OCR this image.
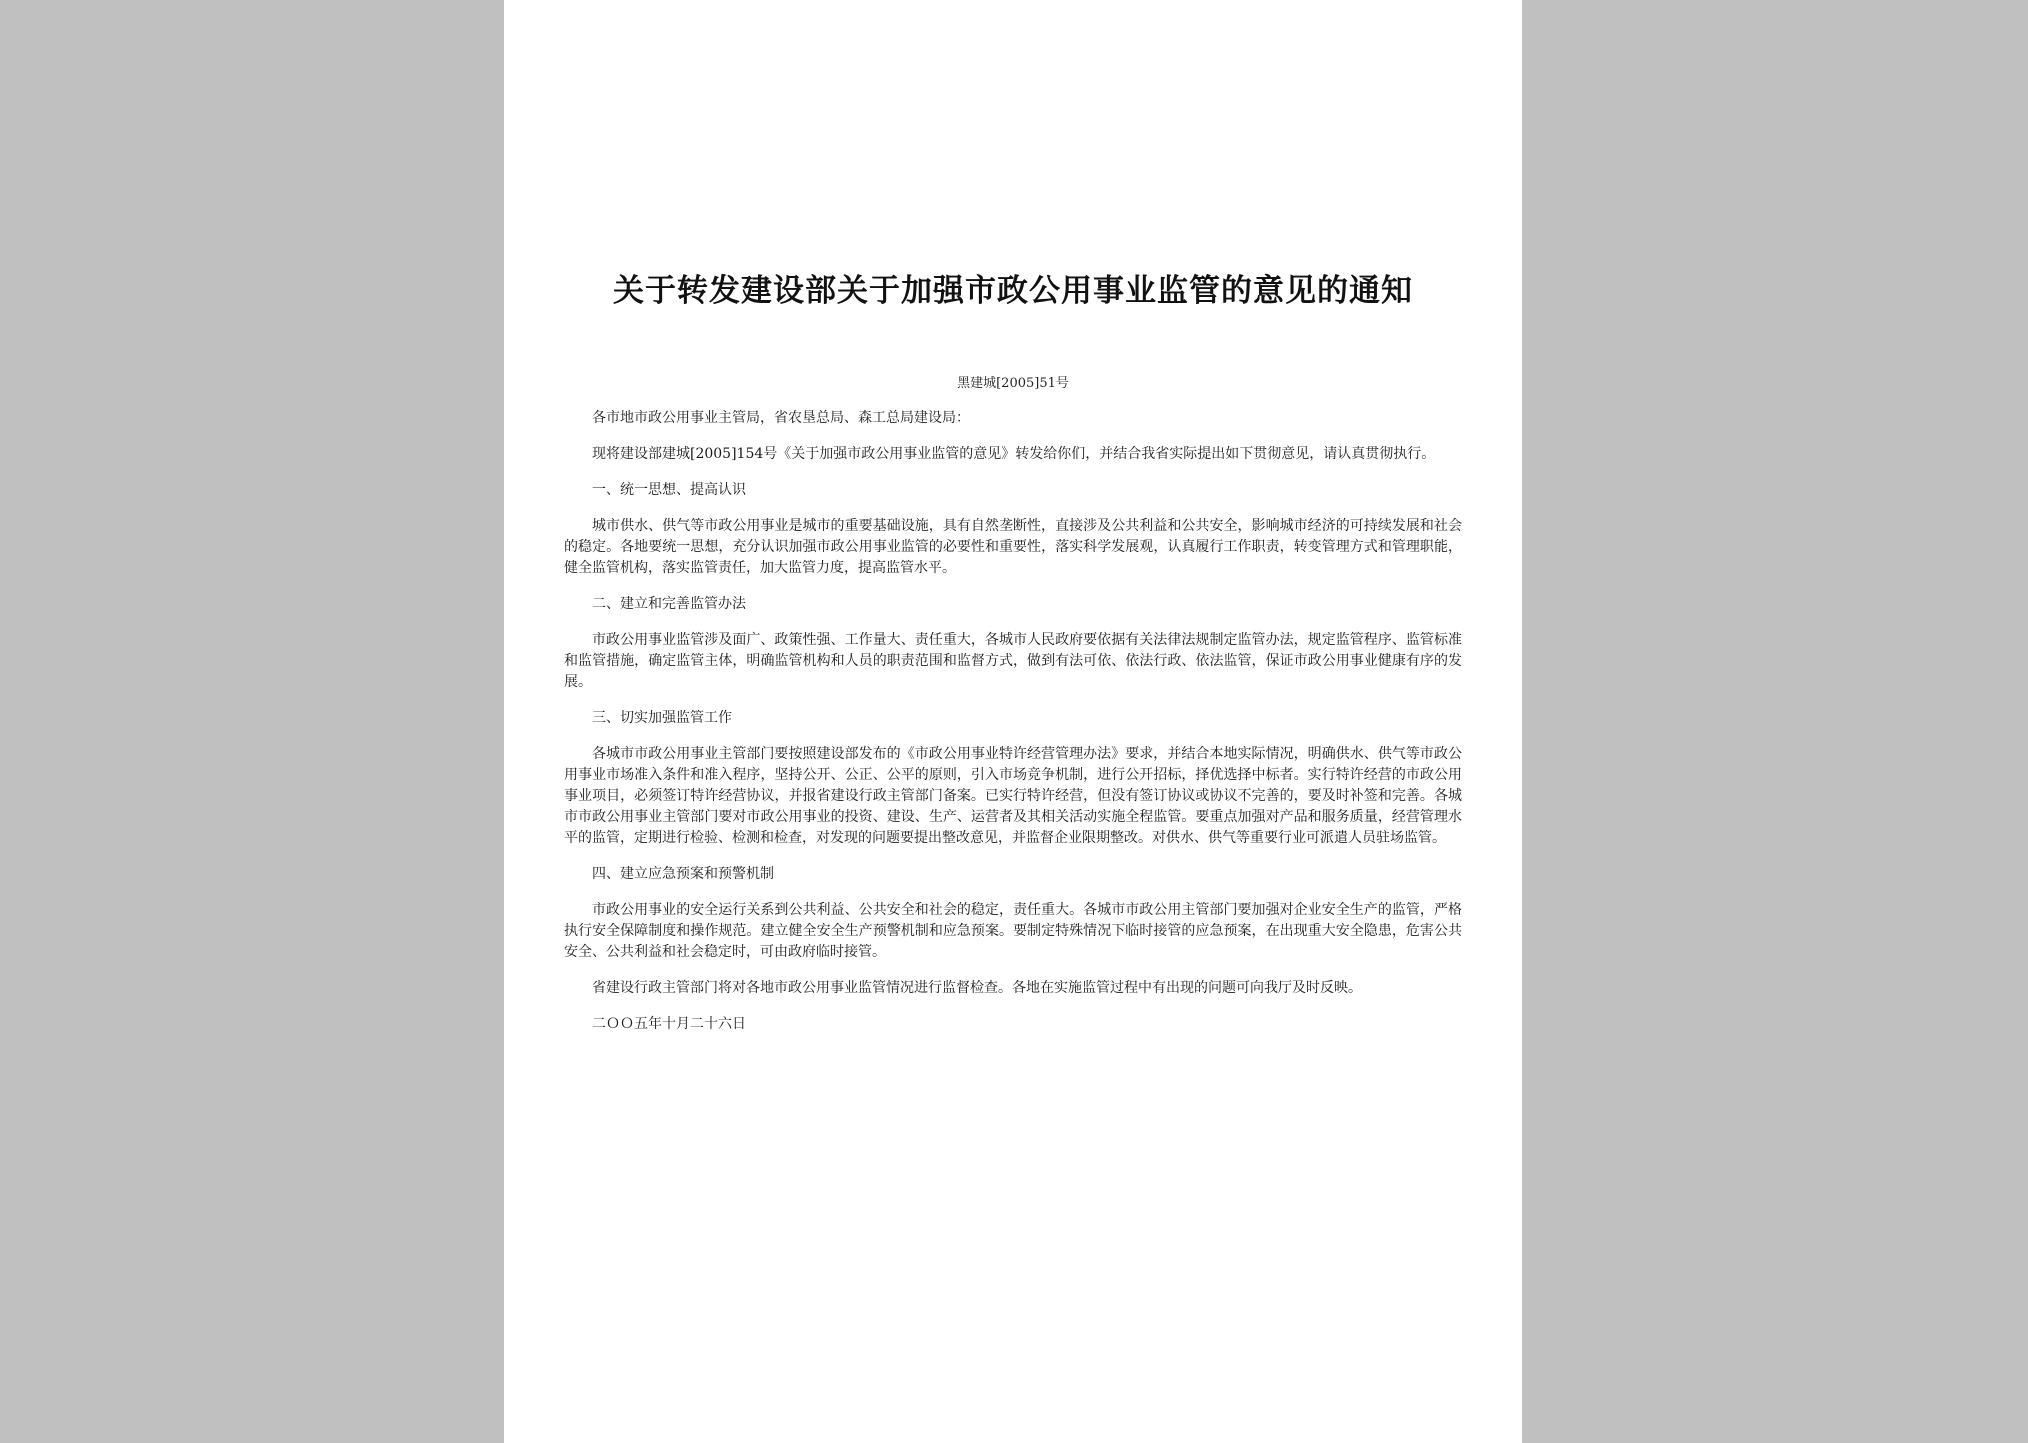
关于转发建设部关于加强市政公用事业监管的意见的通知
黑建城[2005]51号

各市地市政公用事业主管局，省农垦总局、森工总局建设局：

现将建设部建城[2005]154号《关于加强市政公用事业监管的意见》转发给你们，并结合我省实际提出如下贯彻意见，请认真贯彻执行。

一、统一思想、提高认识

城市供水、供气等市政公用事业是城市的重要基础设施，具有自然垄断性，直接涉及公共利益和公共安全，影响城市经济的可持续发展和社会的稳定。各地要统一思想，充分认识加强市政公用事业监管的必要性和重要性，落实科学发展观，认真履行工作职责，转变管理方式和管理职能，健全监管机构，落实监管责任，加大监管力度，提高监管水平。

二、建立和完善监管办法

市政公用事业监管涉及面广、政策性强、工作量大、责任重大，各城市人民政府要依据有关法律法规制定监管办法，规定监管程序、监管标准和监管措施，确定监管主体，明确监管机构和人员的职责范围和监督方式，做到有法可依、依法行政、依法监管，保证市政公用事业健康有序的发展。

三、切实加强监管工作

各城市市政公用事业主管部门要按照建设部发布的《市政公用事业特许经营管理办法》要求，并结合本地实际情况，明确供水、供气等市政公用事业市场准入条件和准入程序，坚持公开、公正、公平的原则，引入市场竞争机制，进行公开招标，择优选择中标者。实行特许经营的市政公用事业项目，必须签订特许经营协议，并报省建设行政主管部门备案。已实行特许经营，但没有签订协议或协议不完善的，要及时补签和完善。各城市市政公用事业主管部门要对市政公用事业的投资、建设、生产、运营者及其相关活动实施全程监管。要重点加强对产品和服务质量，经营管理水平的监管，定期进行检验、检测和检查，对发现的问题要提出整改意见，并监督企业限期整改。对供水、供气等重要行业可派遣人员驻场监管。

四、建立应急预案和预警机制

市政公用事业的安全运行关系到公共利益、公共安全和社会的稳定，责任重大。各城市市政公用主管部门要加强对企业安全生产的监管，严格执行安全保障制度和操作规范。建立健全安全生产预警机制和应急预案。要制定特殊情况下临时接管的应急预案，在出现重大安全隐患，危害公共安全、公共利益和社会稳定时，可由政府临时接管。

省建设行政主管部门将对各地市政公用事业监管情况进行监督检查。各地在实施监管过程中有出现的问题可向我厅及时反映。

二ＯＯ五年十月二十六日
